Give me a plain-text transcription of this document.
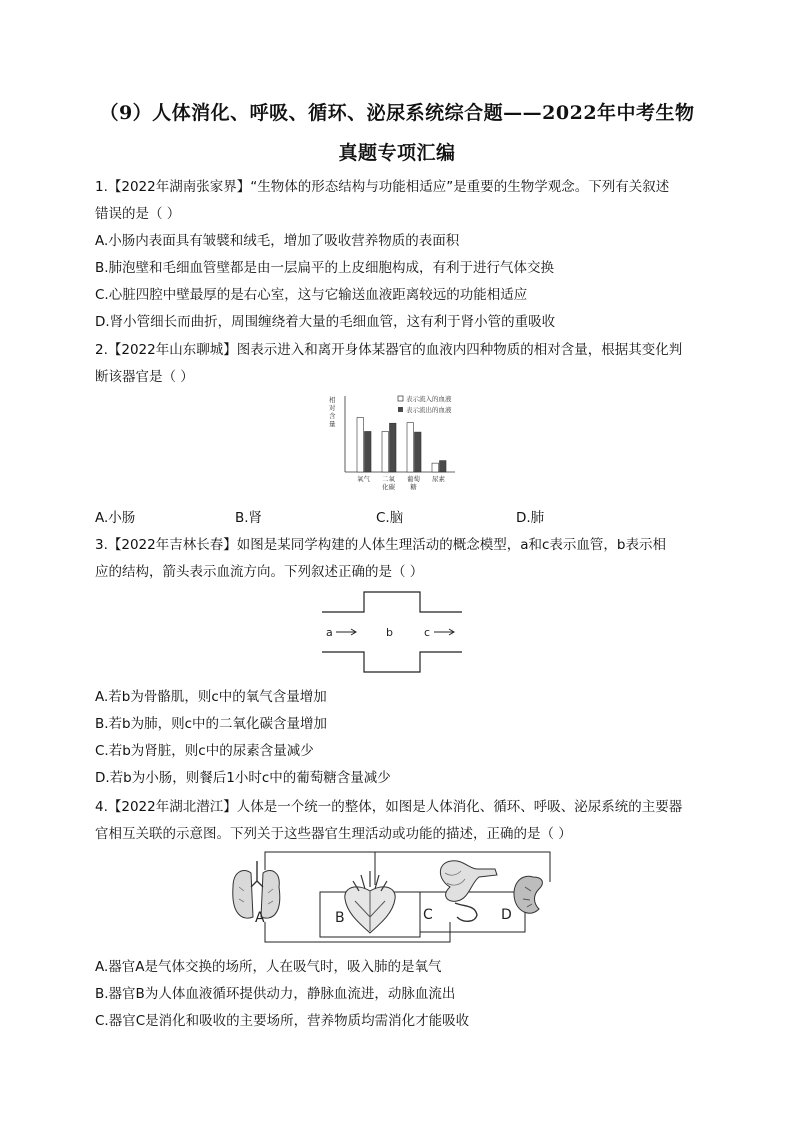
（9）人体消化、呼吸、循环、泌尿系统综合题——2022年中考生物
真题专项汇编
1.【2022年湖南张家界】“生物体的形态结构与功能相适应”是重要的生物学观念。下列有关叙述
错误的是（ ）
A.小肠内表面具有皱襞和绒毛，增加了吸收营养物质的表面积
B.肺泡壁和毛细血管壁都是由一层扁平的上皮细胞构成，有利于进行气体交换
C.心脏四腔中壁最厚的是右心室，这与它输送血液距离较远的功能相适应
D.肾小管细长而曲折，周围缠绕着大量的毛细血管，这有利于肾小管的重吸收
2.【2022年山东聊城】图表示进入和离开身体某器官的血液内四种物质的相对含量，根据其变化判
断该器官是（ ）
氧气 二氧化碳
葡萄糖
尿素
相对含量
表示流入的血液
表示流出的血液
A.小肠	B.肾	C.脑	D.肺
3.【2022年吉林长春】如图是某同学构建的人体生理活动的概念模型，a和c表示血管，b表示相
应的结构，箭头表示血流方向。下列叙述正确的是（ ）
a	b	c
A.若b为骨骼肌，则c中的氧气含量增加
B.若b为肺，则c中的二氧化碳含量增加
C.若b为肾脏，则c中的尿素含量减少
D.若b为小肠，则餐后1小时c中的葡萄糖含量减少
4.【2022年湖北潜江】人体是一个统一的整体，如图是人体消化、循环、呼吸、泌尿系统的主要器
官相互关联的示意图。下列关于这些器官生理活动或功能的描述，正确的是（ ）
A	B	C	D
A.器官A是气体交换的场所，人在吸气时，吸入肺的是氧气
B.器官B为人体血液循环提供动力，静脉血流进，动脉血流出
C.器官C是消化和吸收的主要场所，营养物质均需消化才能吸收
